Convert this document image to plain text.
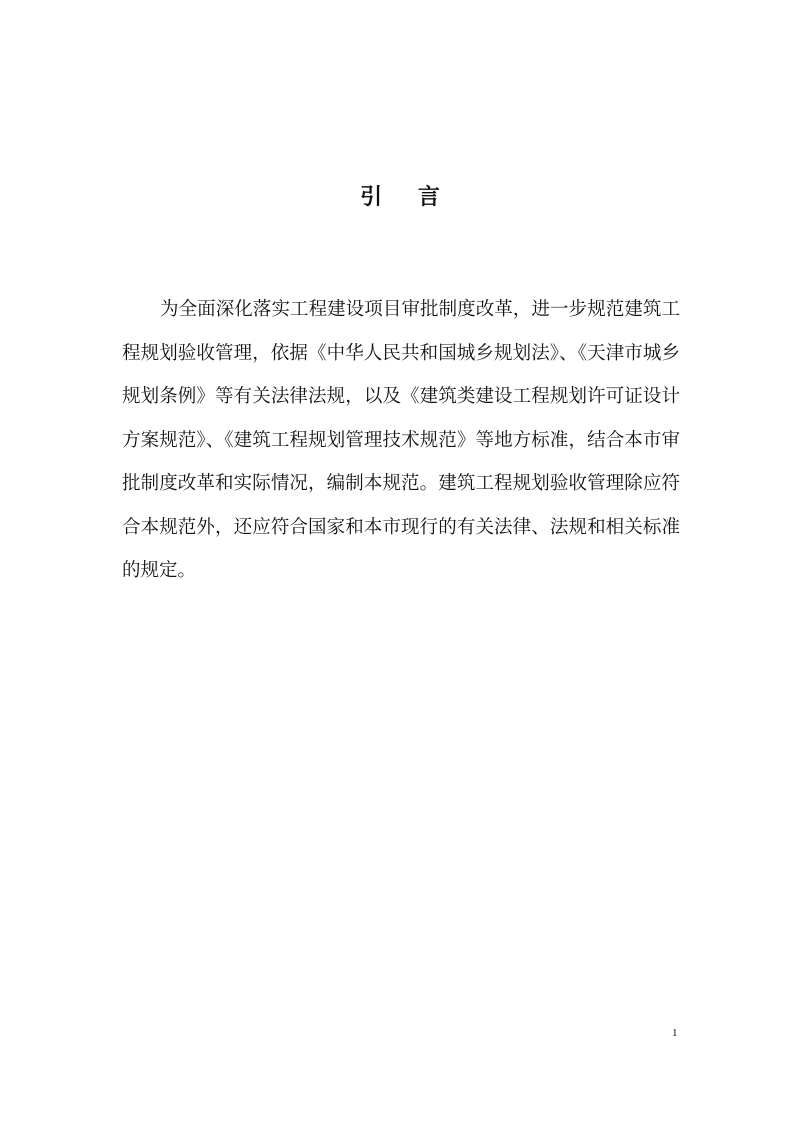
引 言
为全面深化落实工程建设项目审批制度改革，进一步规范建筑工
程规划验收管理，依据《中华人民共和国城乡规划法》、《天津市城乡
规划条例》等有关法律法规，以及《建筑类建设工程规划许可证设计
方案规范》、《建筑工程规划管理技术规范》等地方标准，结合本市审
批制度改革和实际情况，编制本规范。建筑工程规划验收管理除应符
合本规范外，还应符合国家和本市现行的有关法律、法规和相关标准
的规定。
1
